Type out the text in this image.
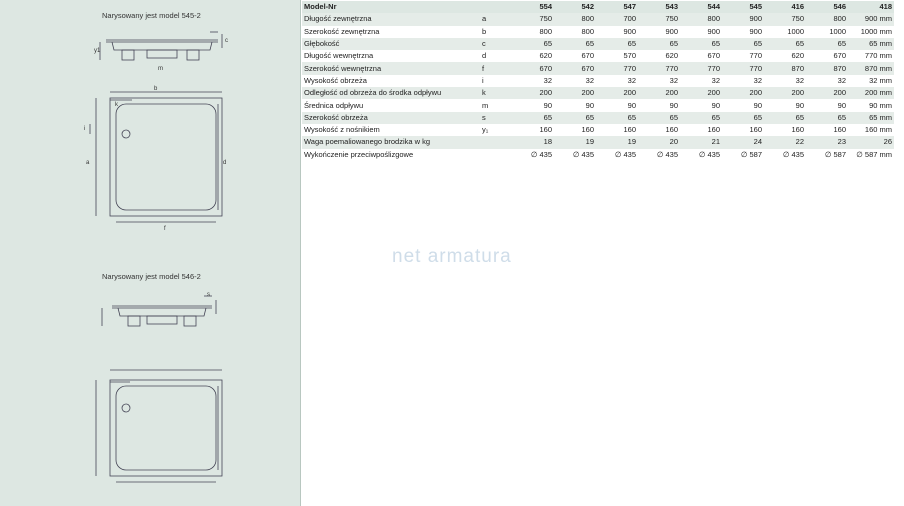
Narysowany jest model 545-2
y1
c
m
b
k
i
a	d
f
Narysowany jest model 546-2
s
Model-Nr		554	542	547	543	544	545	416	546	418
Długość zewnętrzna	a	750	800	700	750	800	900	750	800	900 mm
Szerokość zewnętrzna	b	800	800	900	900	900	900	1000	1000	1000 mm
Głębokość	c	65	65	65	65	65	65	65	65	65 mm
Długość wewnętrzna	d	620	670	570	620	670	770	620	670	770 mm
Szerokość wewnętrzna	f	670	670	770	770	770	770	870	870	870 mm
Wysokość obrzeża	i	32	32	32	32	32	32	32	32	32 mm
Odległość od obrzeża do środka odpływu	k	200	200	200	200	200	200	200	200	200 mm
Średnica odpływu	m	90	90	90	90	90	90	90	90	90 mm
Szerokość obrzeża	s	65	65	65	65	65	65	65	65	65 mm
Wysokość z nośnikiem	y₁	160	160	160	160	160	160	160	160	160 mm
Waga poemaliowanego brodzika w kg		18	19	19	20	21	24	22	23	26
Wykończenie przeciwpoślizgowe		∅ 435	∅ 435	∅ 435	∅ 435	∅ 435	∅ 587	∅ 435	∅ 587	∅ 587 mm
net armatura
